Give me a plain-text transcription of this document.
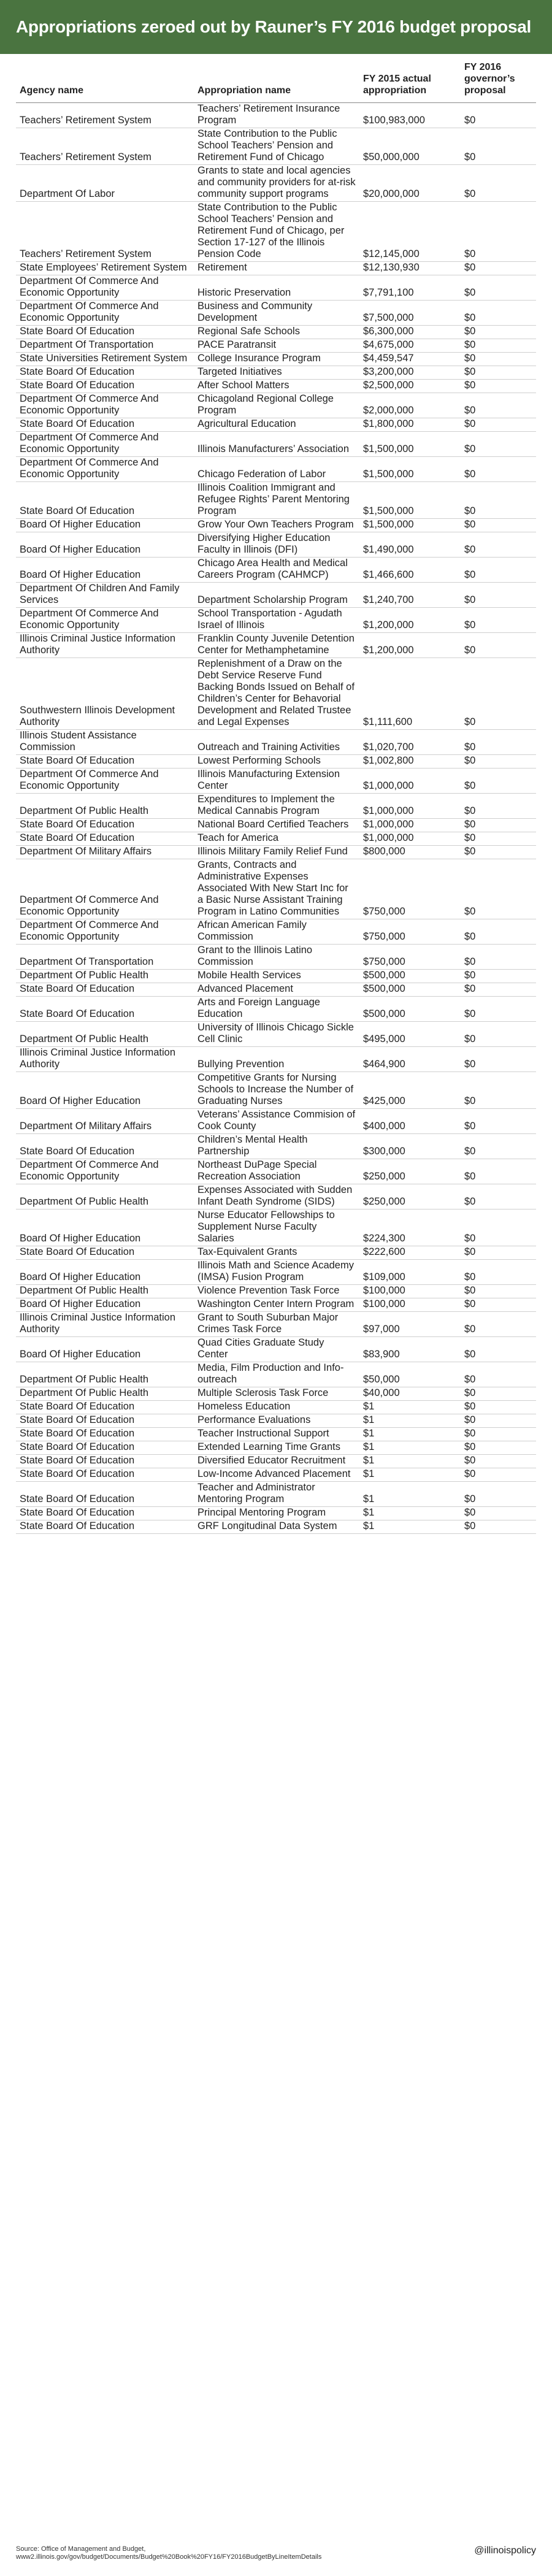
Appropriations zeroed out by Rauner’s FY 2016 budget proposal
Agency name	Appropriation name	FY 2015 actual appropriation	FY 2016 governor’s proposal
Teachers’ Retirement System	Teachers’ Retirement Insurance Program	$100,983,000	$0
Teachers’ Retirement System	State Contribution to the Public School Teachers’ Pension and Retirement Fund of Chicago	$50,000,000	$0
Department Of Labor	Grants to state and local agencies and community providers for at-risk community support programs	$20,000,000	$0
Teachers’ Retirement System	State Contribution to the Public School Teachers’ Pension and Retirement Fund of Chicago, per Section 17-127 of the Illinois Pension Code	$12,145,000	$0
State Employees’ Retirement System	Retirement	$12,130,930	$0
Department Of Commerce And Economic Opportunity	Historic Preservation	$7,791,100	$0
Department Of Commerce And Economic Opportunity	Business and Community Development	$7,500,000	$0
State Board Of Education	Regional Safe Schools	$6,300,000	$0
Department Of Transportation	PACE Paratransit	$4,675,000	$0
State Universities Retirement System	College Insurance Program	$4,459,547	$0
State Board Of Education	Targeted Initiatives	$3,200,000	$0
State Board Of Education	After School Matters	$2,500,000	$0
Department Of Commerce And Economic Opportunity	Chicagoland Regional College Program	$2,000,000	$0
State Board Of Education	Agricultural Education	$1,800,000	$0
Department Of Commerce And Economic Opportunity	Illinois Manufacturers’ Association	$1,500,000	$0
Department Of Commerce And Economic Opportunity	Chicago Federation of Labor	$1,500,000	$0
State Board Of Education	Illinois Coalition Immigrant and Refugee Rights’ Parent Mentoring Program	$1,500,000	$0
Board Of Higher Education	Grow Your Own Teachers Program	$1,500,000	$0
Board Of Higher Education	Diversifying Higher Education Faculty in Illinois (DFI)	$1,490,000	$0
Board Of Higher Education	Chicago Area Health and Medical Careers Program (CAHMCP)	$1,466,600	$0
Department Of Children And Family Services	Department Scholarship Program	$1,240,700	$0
Department Of Commerce And Economic Opportunity	School Transportation - Agudath Israel of Illinois	$1,200,000	$0
Illinois Criminal Justice Information Authority	Franklin County Juvenile Detention Center for Methamphetamine	$1,200,000	$0
Southwestern Illinois Development Authority	Replenishment of a Draw on the Debt Service Reserve Fund Backing Bonds Issued on Behalf of Children’s Center for Behavorial Development and Related Trustee and Legal Expenses	$1,111,600	$0
Illinois Student Assistance Commission	Outreach and Training Activities	$1,020,700	$0
State Board Of Education	Lowest Performing Schools	$1,002,800	$0
Department Of Commerce And Economic Opportunity	Illinois Manufacturing Extension Center	$1,000,000	$0
Department Of Public Health	Expenditures to Implement the Medical Cannabis Program	$1,000,000	$0
State Board Of Education	National Board Certified Teachers	$1,000,000	$0
State Board Of Education	Teach for America	$1,000,000	$0
Department Of Military Affairs	Illinois Military Family Relief Fund	$800,000	$0
Department Of Commerce And Economic Opportunity	Grants, Contracts and Administrative Expenses Associated With New Start Inc for a Basic Nurse Assistant Training Program in Latino Communities	$750,000	$0
Department Of Commerce And Economic Opportunity	African American Family Commission	$750,000	$0
Department Of Transportation	Grant to the Illinois Latino Commission	$750,000	$0
Department Of Public Health	Mobile Health Services	$500,000	$0
State Board Of Education	Advanced Placement	$500,000	$0
State Board Of Education	Arts and Foreign Language Education	$500,000	$0
Department Of Public Health	University of Illinois Chicago Sickle Cell Clinic	$495,000	$0
Illinois Criminal Justice Information Authority	Bullying Prevention	$464,900	$0
Board Of Higher Education	Competitive Grants for Nursing Schools to Increase the Number of Graduating Nurses	$425,000	$0
Department Of Military Affairs	Veterans’ Assistance Commision of Cook County	$400,000	$0
State Board Of Education	Children’s Mental Health Partnership	$300,000	$0
Department Of Commerce And Economic Opportunity	Northeast DuPage Special Recreation Association	$250,000	$0
Department Of Public Health	Expenses Associated with Sudden Infant Death Syndrome (SIDS)	$250,000	$0
Board Of Higher Education	Nurse Educator Fellowships to Supplement Nurse Faculty Salaries	$224,300	$0
State Board Of Education	Tax-Equivalent Grants	$222,600	$0
Board Of Higher Education	Illinois Math and Science Academy (IMSA) Fusion Program	$109,000	$0
Department Of Public Health	Violence Prevention Task Force	$100,000	$0
Board Of Higher Education	Washington Center Intern Program	$100,000	$0
Illinois Criminal Justice Information Authority	Grant to South Suburban Major Crimes Task Force	$97,000	$0
Board Of Higher Education	Quad Cities Graduate Study Center	$83,900	$0
Department Of Public Health	Media, Film Production and Info-outreach	$50,000	$0
Department Of Public Health	Multiple Sclerosis Task Force	$40,000	$0
State Board Of Education	Homeless Education	$1	$0
State Board Of Education	Performance Evaluations	$1	$0
State Board Of Education	Teacher Instructional Support	$1	$0
State Board Of Education	Extended Learning Time Grants	$1	$0
State Board Of Education	Diversified Educator Recruitment	$1	$0
State Board Of Education	Low-Income Advanced Placement	$1	$0
State Board Of Education	Teacher and Administrator Mentoring Program	$1	$0
State Board Of Education	Principal Mentoring Program	$1	$0
State Board Of Education	GRF Longitudinal Data System	$1	$0
Source: Office of Management and Budget, www2.illinois.gov/gov/budget/Documents/Budget%20Book%20FY16/FY2016BudgetByLineItemDetails
@illinoispolicy
